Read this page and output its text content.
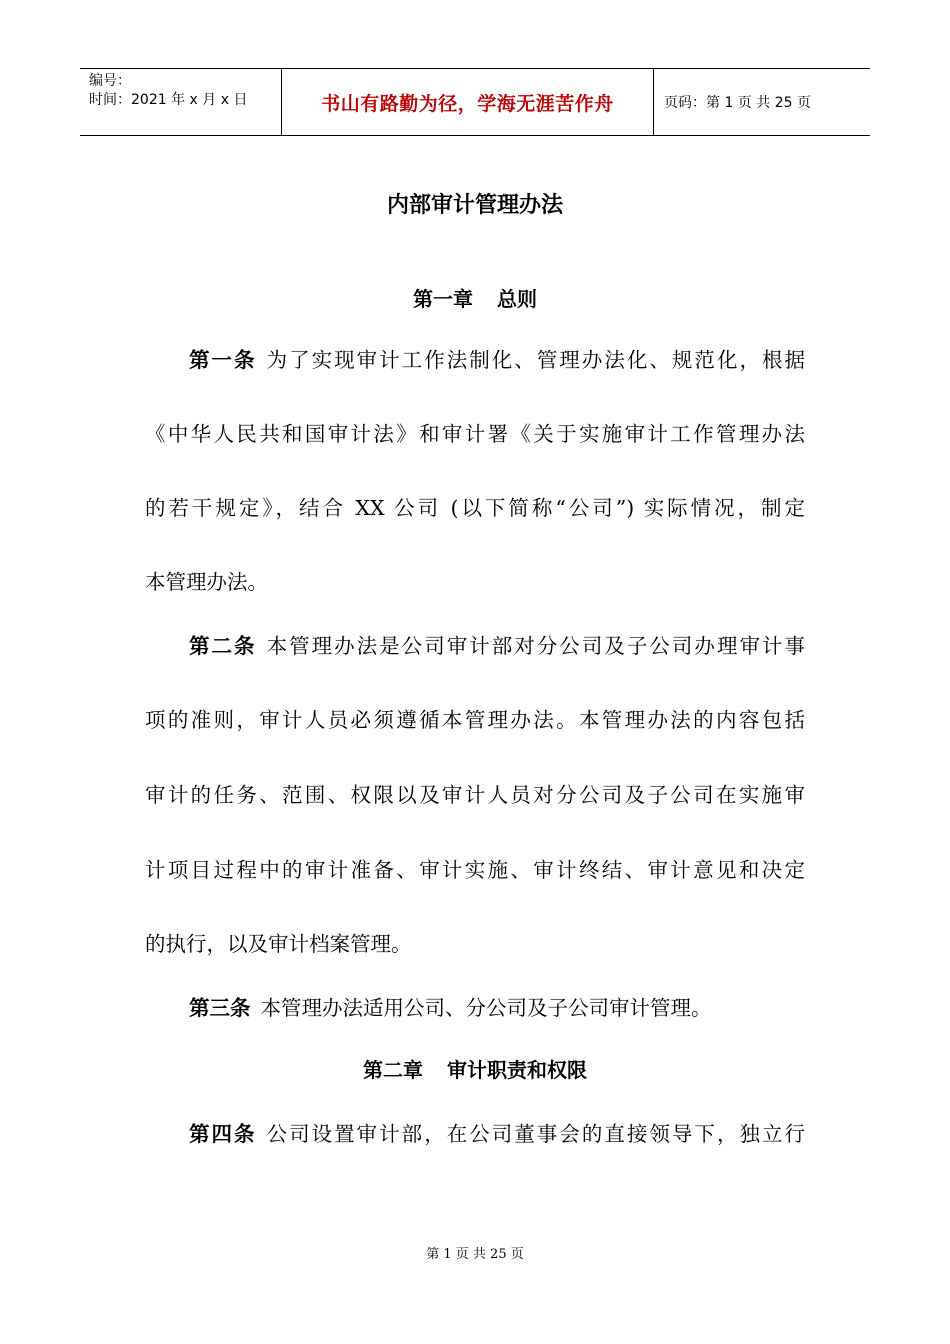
编号：
时间：2021 年 x 月 x 日	书山有路勤为径，学海无涯苦作舟	页码：第 1 页 共 25 页
内部审计管理办法
第一章 总则
第一条 为了实现审计工作法制化、管理办法化、规范化，根据
《中华人民共和国审计法》和审计署《关于实施审计工作管理办法
的若干规定》，结合 XX 公司 (以下简称“公司”) 实际情况，制定
本管理办法。
第二条 本管理办法是公司审计部对分公司及子公司办理审计事
项的准则，审计人员必须遵循本管理办法。本管理办法的内容包括
审计的任务、范围、权限以及审计人员对分公司及子公司在实施审
计项目过程中的审计准备、审计实施、审计终结、审计意见和决定
的执行，以及审计档案管理。
第三条 本管理办法适用公司、分公司及子公司审计管理。
第二章 审计职责和权限
第四条 公司设置审计部，在公司董事会的直接领导下，独立行
第 1 页 共 25 页
